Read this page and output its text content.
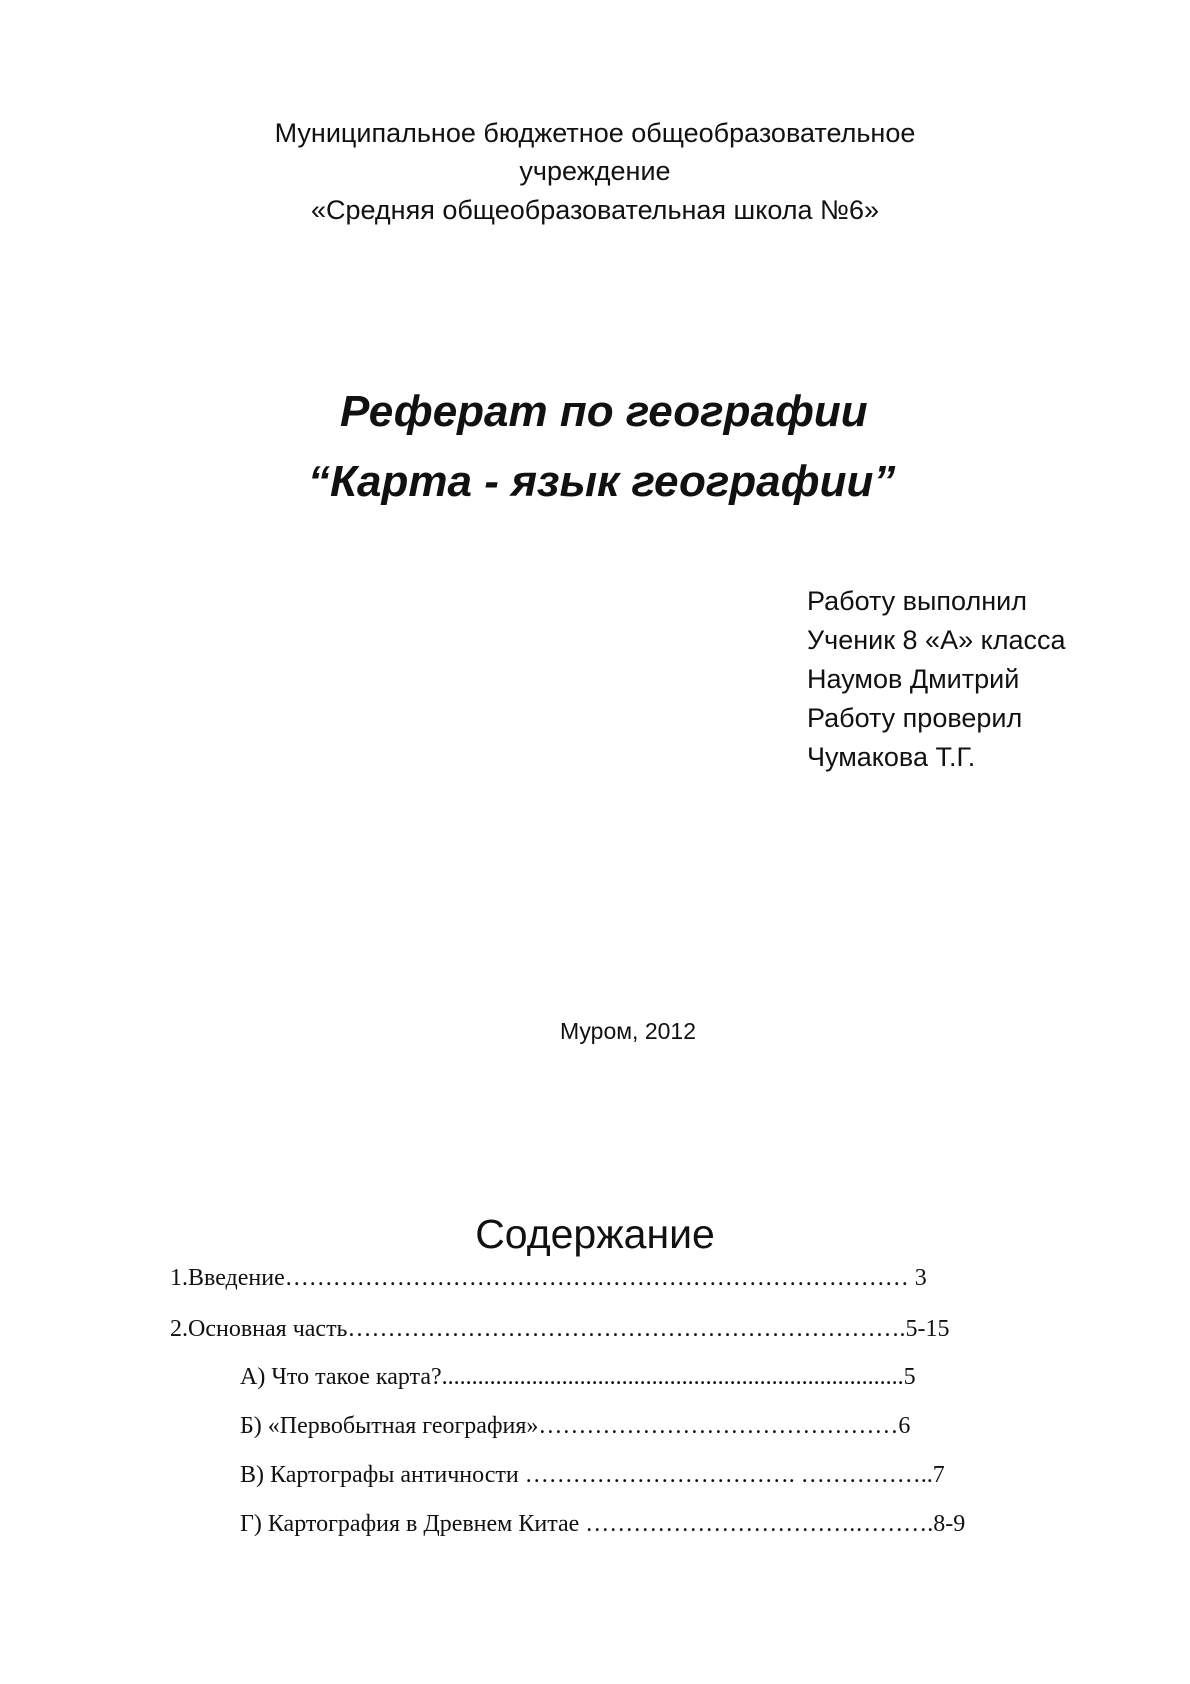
Муниципальное бюджетное общеобразовательное
учреждение
«Средняя общеобразовательная школа №6»
Реферат по географии
“Карта - язык географии”
Работу выполнил
Ученик 8 «А» класса
Наумов Дмитрий
Работу проверил
Чумакова Т.Г.
Муром, 2012
Содержание
1.Введение…………………………………………………………………… 3
2.Основная часть…………………………………………………………….5-15
А) Что такое карта?.............................................................................5
Б) «Первобытная география»………………………………………6
В) Картографы античности ……………………………. ……………..7
Г) Картография в Древнем Китае …………………………….……….8-9
